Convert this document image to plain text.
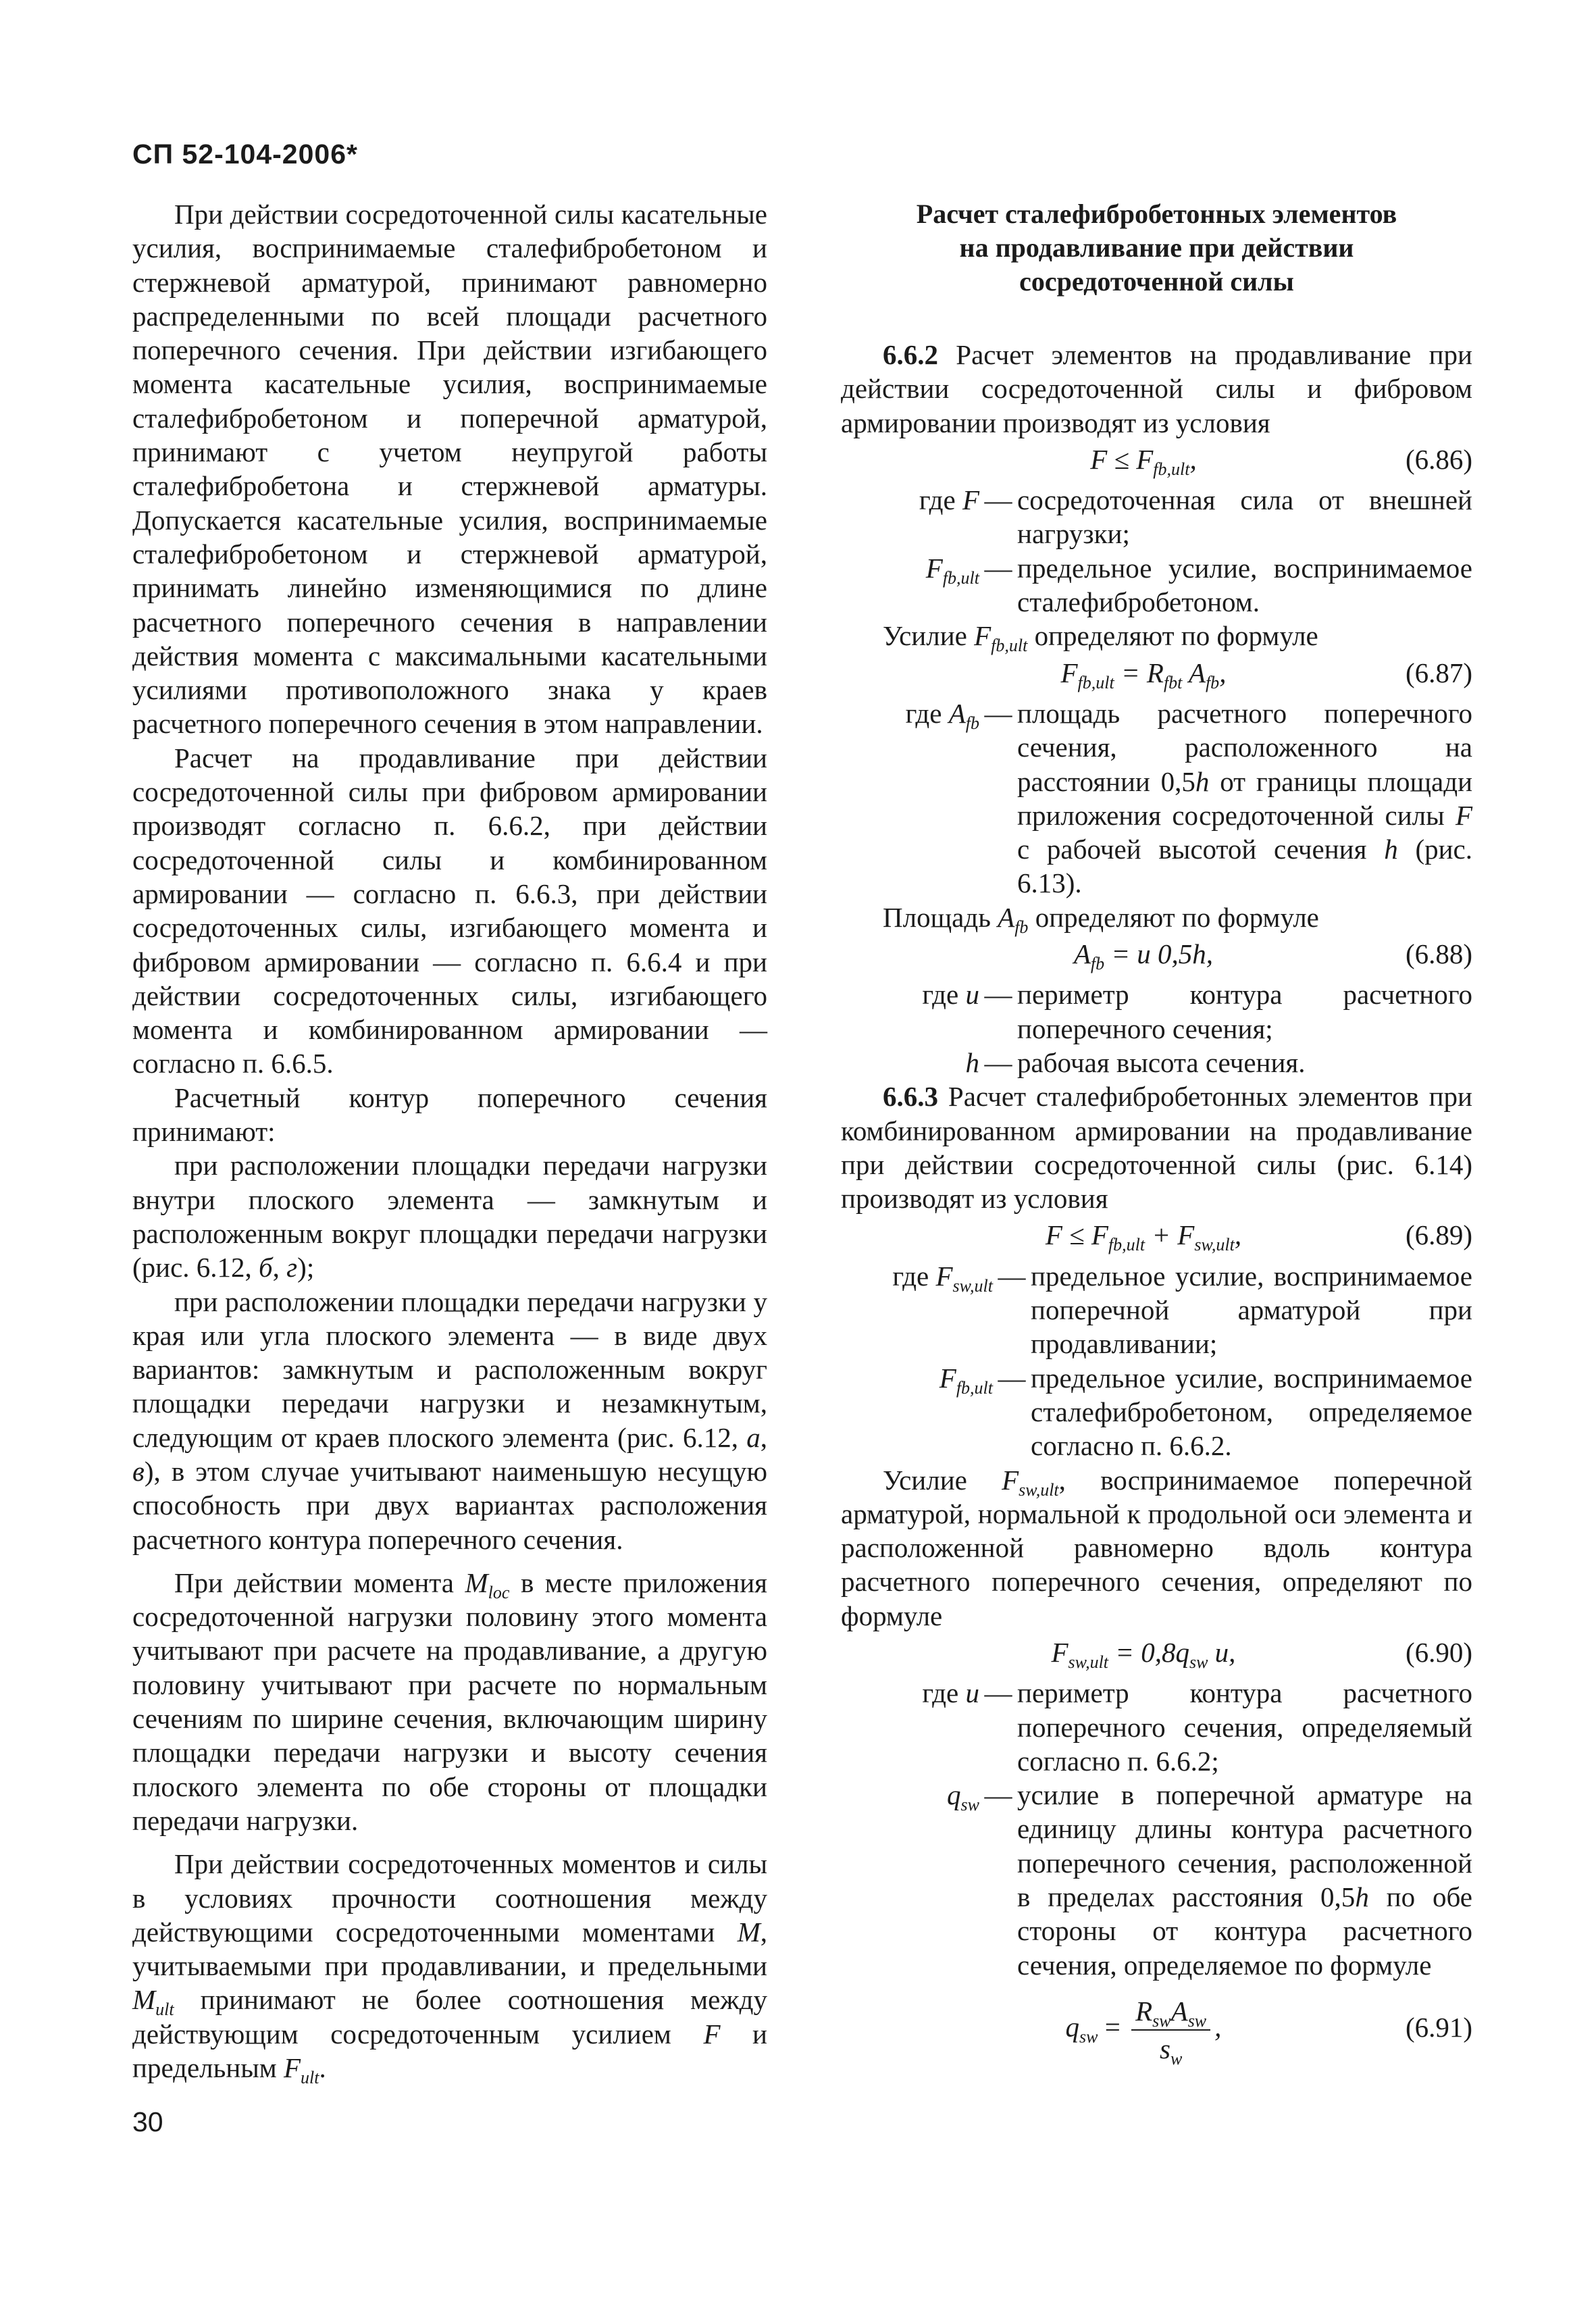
СП 52-104-2006*

При действии сосредоточенной силы касательные усилия, воспринимаемые сталефибробетоном и стержневой арматурой, принимают равномерно распределенными по всей площади расчетного поперечного сечения. При действии изгибающего момента касательные усилия, воспринимаемые сталефибробетоном и поперечной арматурой, принимают с учетом неупругой работы сталефибробетона и стержневой арматуры. Допускается касательные усилия, воспринимаемые сталефибробетоном и стержневой арматурой, принимать линейно изменяющимися по длине расчетного поперечного сечения в направлении действия момента с максимальными касательными усилиями противоположного знака у краев расчетного поперечного сечения в этом направлении.

Расчет на продавливание при действии сосредоточенной силы при фибровом армировании производят согласно п. 6.6.2, при действии сосредоточенной силы и комбинированном армировании — согласно п. 6.6.3, при действии сосредоточенных силы, изгибающего момента и фибровом армировании — согласно п. 6.6.4 и при действии сосредоточенных силы, изгибающего момента и комбинированном армировании — согласно п. 6.6.5.

Расчетный контур поперечного сечения принимают:

при расположении площадки передачи нагрузки внутри плоского элемента — замкнутым и расположенным вокруг площадки передачи нагрузки (рис. 6.12, б, г);

при расположении площадки передачи нагрузки у края или угла плоского элемента — в виде двух вариантов: замкнутым и расположенным вокруг площадки передачи нагрузки и незамкнутым, следующим от краев плоского элемента (рис. 6.12, а, в), в этом случае учитывают наименьшую несущую способность при двух вариантах расположения расчетного контура поперечного сечения.

При действии момента $M_{loc}$ в месте приложения сосредоточенной нагрузки половину этого момента учитывают при расчете на продавливание, а другую половину учитывают при расчете по нормальным сечениям по ширине сечения, включающим ширину площадки передачи нагрузки и высоту сечения плоского элемента по обе стороны от площадки передачи нагрузки.

При действии сосредоточенных моментов и силы в условиях прочности соотношения между действующими сосредоточенными моментами M, учитываемыми при продавливании, и предельными $M_{ult}$ принимают не более соотношения между действующим сосредоточенным усилием F и предельным $F_{ult}$.

Расчет сталефибробетонных элементов
на продавливание при действии
сосредоточенной силы

6.6.2 Расчет элементов на продавливание при действии сосредоточенной силы и фибровом армировании производят из условия

$F \le F_{fb,ult}$,	(6.86)
где F — сосредоточенная сила от внешней нагрузки;
$F_{fb,ult}$ — предельное усилие, воспринимаемое сталефибробетоном.

Усилие $F_{fb,ult}$ определяют по формуле

$F_{fb,ult} = R_{fbt}$ $A_{fb}$,	(6.87)
где $A_{fb}$ — площадь расчетного поперечного сечения, расположенного на расстоянии 0,5h от границы площади приложения сосредоточенной силы F с рабочей высотой сечения h (рис. 6.13).

Площадь $A_{fb}$ определяют по формуле

$A_{fb} = u$ 0,5h,	(6.88)
где u — периметр контура расчетного поперечного сечения;
h — рабочая высота сечения.

6.6.3 Расчет сталефибробетонных элементов при комбинированном армировании на продавливание при действии сосредоточенной силы (рис. 6.14) производят из условия

$F \le F_{fb,ult} + F_{sw,ult}$,	(6.89)
где $F_{sw,ult}$ — предельное усилие, воспринимаемое поперечной арматурой при продавливании;
$F_{fb,ult}$ — предельное усилие, воспринимаемое сталефибробетоном, определяемое согласно п. 6.6.2.

Усилие $F_{sw,ult}$, воспринимаемое поперечной арматурой, нормальной к продольной оси элемента и расположенной равномерно вдоль контура расчетного поперечного сечения, определяют по формуле

$F_{sw,ult} = 0,8q_{sw}$ u,	(6.90)
где u — периметр контура расчетного поперечного сечения, определяемый согласно п. 6.6.2;
$q_{sw}$ — усилие в поперечной арматуре на единицу длины контура расчетного поперечного сечения, расположенной в пределах расстояния 0,5h по обе стороны от контура расчетного сечения, определяемое по формуле
$q_{sw} = \frac{R_{sw}A_{sw}}{s_w}$ ,	(6.91)
30
